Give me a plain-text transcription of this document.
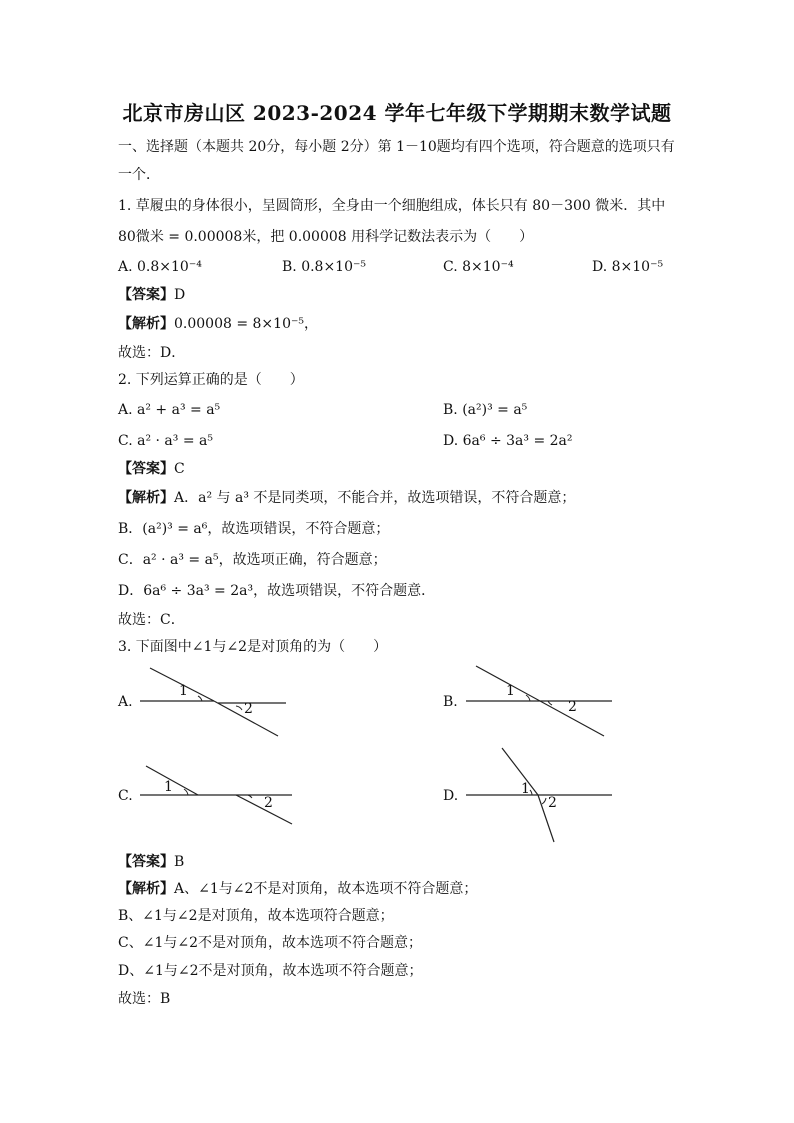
北京市房山区 2023-2024 学年七年级下学期期末数学试题
一、选择题（本题共 20分，每小题 2分）第 1－10题均有四个选项，符合题意的选项只有
一个．
1. 草履虫的身体很小，呈圆筒形，全身由一个细胞组成，体长只有 80－300 微米．其中
80微米 = 0.00008米，把 0.00008 用科学记数法表示为（　　）
A. 0.8×10⁻⁴	B. 0.8×10⁻⁵	C. 8×10⁻⁴	D. 8×10⁻⁵
【答案】D
【解析】0.00008 = 8×10⁻⁵，
故选：D．
2. 下列运算正确的是（　　）
A. a² + a³ = a⁵	B. (a²)³ = a⁵
C. a² · a³ = a⁵	D. 6a⁶ ÷ 3a³ = 2a²
【答案】C
【解析】A．a² 与 a³ 不是同类项，不能合并，故选项错误，不符合题意；
B．(a²)³ = a⁶，故选项错误，不符合题意；
C．a² · a³ = a⁵，故选项正确，符合题意；
D．6a⁶ ÷ 3a³ = 2a³，故选项错误，不符合题意．
故选：C．
3. 下面图中∠1与∠2是对顶角的为（　　）
A.
1
2	B.
1
2
C.
1
2	D.	1
2
【答案】B
【解析】A、∠1与∠2不是对顶角，故本选项不符合题意；
B、∠1与∠2是对顶角，故本选项符合题意；
C、∠1与∠2不是对顶角，故本选项不符合题意；
D、∠1与∠2不是对顶角，故本选项不符合题意；
故选：B
